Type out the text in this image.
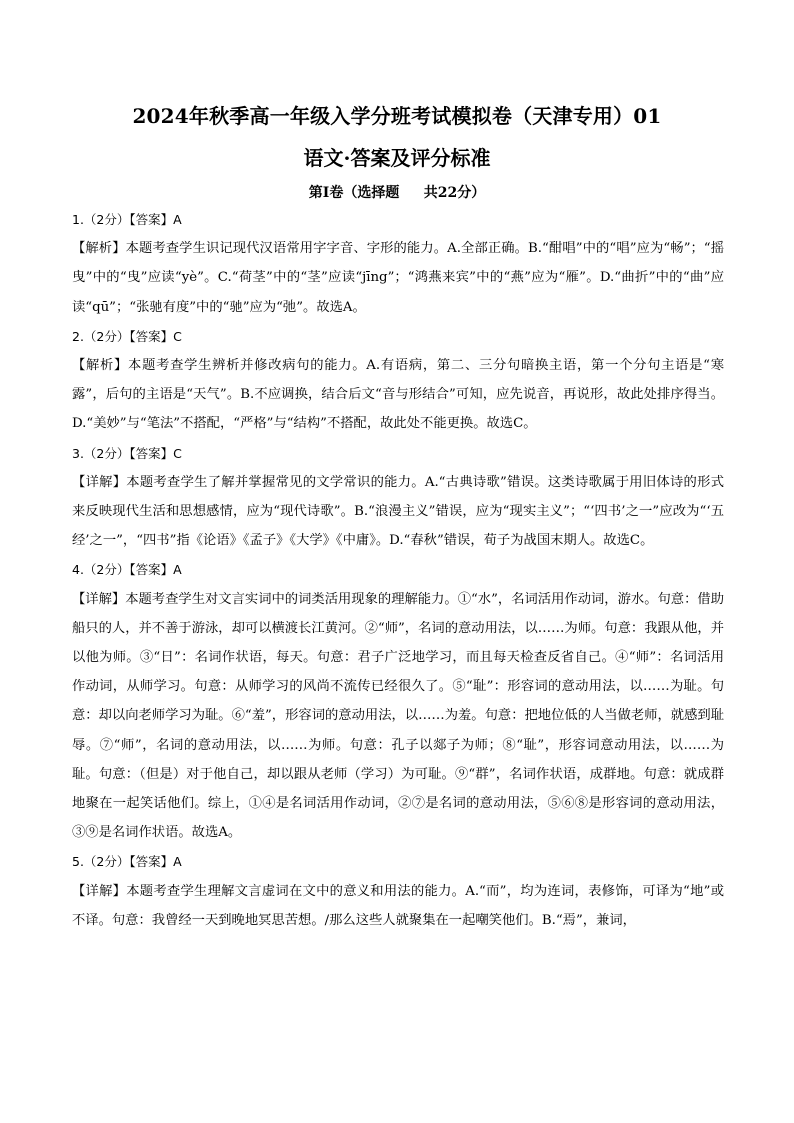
2024年秋季高一年级入学分班考试模拟卷（天津专用）01
语文·答案及评分标准
第Ⅰ卷（选择题     共22分）

1.（2分）【答案】A

【解析】本题考查学生识记现代汉语常用字字音、字形的能力。A.全部正确。B.“酣唱”中的“唱”应为“畅”；“摇曳”中的“曳”应读“yè”。C.“荷茎”中的“茎”应读“jīng”；“鸿燕来宾”中的“燕”应为“雁”。D.“曲折”中的“曲”应读“qū”；“张驰有度”中的“驰”应为“弛”。故选A。

2.（2分）【答案】C

【解析】本题考查学生辨析并修改病句的能力。A.有语病，第二、三分句暗换主语，第一个分句主语是“寒露”，后句的主语是“天气”。B.不应调换，结合后文“音与形结合”可知，应先说音，再说形，故此处排序得当。D.“美妙”与“笔法”不搭配，“严格”与“结构”不搭配，故此处不能更换。故选C。

3.（2分）【答案】C

【详解】本题考查学生了解并掌握常见的文学常识的能力。A.“古典诗歌”错误。这类诗歌属于用旧体诗的形式来反映现代生活和思想感情，应为“现代诗歌”。B.“浪漫主义”错误，应为“现实主义”；“‘四书’之一”应改为“‘五经’之一”，“四书”指《论语》《孟子》《大学》《中庸》。D.“春秋”错误，荀子为战国末期人。故选C。

4.（2分）【答案】A

【详解】本题考查学生对文言实词中的词类活用现象的理解能力。①“水”，名词活用作动词，游水。句意：借助船只的人，并不善于游泳，却可以横渡长江黄河。②“师”，名词的意动用法，以……为师。句意：我跟从他，并以他为师。③“日”：名词作状语，每天。句意：君子广泛地学习，而且每天检查反省自己。④“师”：名词活用作动词，从师学习。句意：从师学习的风尚不流传已经很久了。⑤“耻”：形容词的意动用法，以……为耻。句意：却以向老师学习为耻。⑥“羞”，形容词的意动用法，以……为羞。句意：把地位低的人当做老师，就感到耻辱。⑦“师”，名词的意动用法，以……为师。句意：孔子以郯子为师；⑧“耻”，形容词意动用法，以……为耻。句意：（但是）对于他自己，却以跟从老师（学习）为可耻。⑨“群”，名词作状语，成群地。句意：就成群地聚在一起笑话他们。综上，①④是名词活用作动词，②⑦是名词的意动用法，⑤⑥⑧是形容词的意动用法，③⑨是名词作状语。故选A。

5.（2分）【答案】A

【详解】本题考查学生理解文言虚词在文中的意义和用法的能力。A.“而”，均为连词，表修饰，可译为“地”或不译。句意：我曾经一天到晚地冥思苦想。/那么这些人就聚集在一起嘲笑他们。B.“焉”，兼词，
